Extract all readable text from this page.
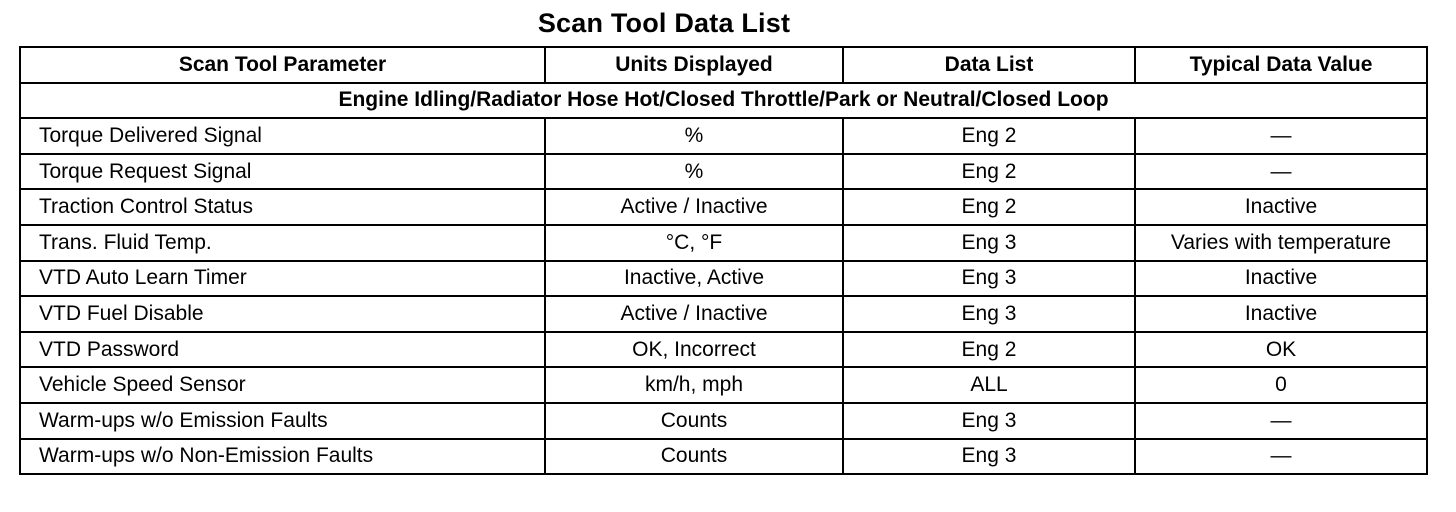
Scan Tool Data List
Scan Tool Parameter	Units Displayed	Data List	Typical Data Value
Engine Idling/Radiator Hose Hot/Closed Throttle/Park or Neutral/Closed Loop			
Torque Delivered Signal	%	Eng 2	—
Torque Request Signal	%	Eng 2	—
Traction Control Status	Active / Inactive	Eng 2	Inactive
Trans. Fluid Temp.	°C, °F	Eng 3	Varies with temperature
VTD Auto Learn Timer	Inactive, Active	Eng 3	Inactive
VTD Fuel Disable	Active / Inactive	Eng 3	Inactive
VTD Password	OK, Incorrect	Eng 2	OK
Vehicle Speed Sensor	km/h, mph	ALL	0
Warm-ups w/o Emission Faults	Counts	Eng 3	—
Warm-ups w/o Non-Emission Faults	Counts	Eng 3	—
